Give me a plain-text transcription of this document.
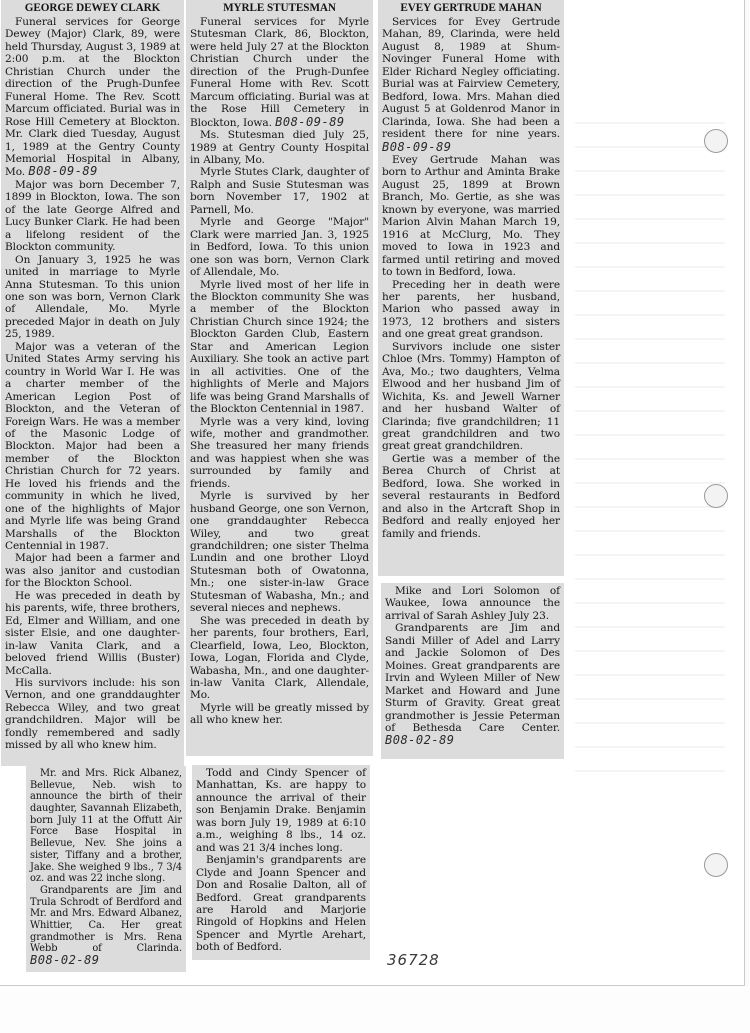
GEORGE DEWEY CLARK

Funeral services for George Dewey (Major) Clark, 89, were held Thursday, August 3, 1989 at 2:00 p.m. at the Blockton Christian Church under the direction of the Prugh-Dunfee Funeral Home. The Rev. Scott Marcum officiated. Burial was in Rose Hill Cemetery at Blockton. Mr. Clark died Tuesday, August 1, 1989 at the Gentry County Memorial Hospital in Albany, Mo. B08-09-89

Major was born December 7, 1899 in Blockton, Iowa. The son of the late George Alfred and Lucy Bunker Clark. He had been a lifelong resident of the Blockton community.

On January 3, 1925 he was united in marriage to Myrle Anna Stutesman. To this union one son was born, Vernon Clark of Allendale, Mo. Myrle preceded Major in death on July 25, 1989.

Major was a veteran of the United States Army serving his country in World War I. He was a charter member of the American Legion Post of Blockton, and the Veteran of Foreign Wars. He was a member of the Masonic Lodge of Blockton. Major had been a member of the Blockton Christian Church for 72 years. He loved his friends and the community in which he lived, one of the highlights of Major and Myrle life was being Grand Marshalls of the Blockton Centennial in 1987.

Major had been a farmer and was also janitor and custodian for the Blockton School.

He was preceded in death by his parents, wife, three brothers, Ed, Elmer and William, and one sister Elsie, and one daughter-in-law Vanita Clark, and a beloved friend Willis (Buster) McCalla.

His survivors include: his son Vernon, and one granddaughter Rebecca Wiley, and two great grandchildren. Major will be fondly remembered and sadly missed by all who knew him.

MYRLE STUTESMAN

Funeral services for Myrle Stutesman Clark, 86, Blockton, were held July 27 at the Blockton Christian Church under the direction of the Prugh-Dunfee Funeral Home with Rev. Scott Marcum officiating. Burial was at the Rose Hill Cemetery in Blockton, Iowa. B08-09-89

Ms. Stutesman died July 25, 1989 at Gentry County Hospital in Albany, Mo.

Myrle Stutes Clark, daughter of Ralph and Susie Stutesman was born November 17, 1902 at Parnell, Mo.

Myrle and George "Major" Clark were married Jan. 3, 1925 in Bedford, Iowa. To this union one son was born, Vernon Clark of Allendale, Mo.

Myrle lived most of her life in the Blockton community She was a member of the Blockton Christian Church since 1924; the Blockton Garden Club, Eastern Star and American Legion Auxiliary. She took an active part in all activities. One of the highlights of Merle and Majors life was being Grand Marshalls of the Blockton Centennial in 1987.

Myrle was a very kind, loving wife, mother and grandmother. She treasured her many friends and was happiest when she was surrounded by family and friends.

Myrle is survived by her husband George, one son Vernon, one granddaughter Rebecca Wiley, and two great grandchildren; one sister Thelma Lundin and one brother Lloyd Stutesman both of Owatonna, Mn.; one sister-in-law Grace Stutesman of Wabasha, Mn.; and several nieces and nephews.

She was preceded in death by her parents, four brothers, Earl, Clearfield, Iowa, Leo, Blockton, Iowa, Logan, Florida and Clyde, Wabasha, Mn., and one daughter-in-law Vanita Clark, Allendale, Mo.

Myrle will be greatly missed by all who knew her.

EVEY GERTRUDE MAHAN

Services for Evey Gertrude Mahan, 89, Clarinda, were held August 8, 1989 at Shum-Novinger Funeral Home with Elder Richard Negley officiating. Burial was at Fairview Cemetery, Bedford, Iowa. Mrs. Mahan died August 5 at Goldenrod Manor in Clarinda, Iowa. She had been a resident there for nine years. B08-09-89

Evey Gertrude Mahan was born to Arthur and Aminta Brake August 25, 1899 at Brown Branch, Mo. Gertie, as she was known by everyone, was married Marion Alvin Mahan March 19, 1916 at McClurg, Mo. They moved to Iowa in 1923 and farmed until retiring and moved to town in Bedford, Iowa.

Preceding her in death were her parents, her husband, Marion who passed away in 1973, 12 brothers and sisters and one great great grandson.

Survivors include one sister Chloe (Mrs. Tommy) Hampton of Ava, Mo.; two daughters, Velma Elwood and her husband Jim of Wichita, Ks. and Jewell Warner and her husband Walter of Clarinda; five grandchildren; 11 great grandchildren and two great great grandchildren.

Gertie was a member of the Berea Church of Christ at Bedford, Iowa. She worked in several restaurants in Bedford and also in the Artcraft Shop in Bedford and really enjoyed her family and friends.

Mike and Lori Solomon of Waukee, Iowa announce the arrival of Sarah Ashley July 23.

Grandparents are Jim and Sandi Miller of Adel and Larry and Jackie Solomon of Des Moines. Great grandparents are Irvin and Wyleen Miller of New Market and Howard and June Sturm of Gravity. Great great grandmother is Jessie Peterman of Bethesda Care Center. B08-02-89

Mr. and Mrs. Rick Albanez, Bellevue, Neb. wish to announce the birth of their daughter, Savannah Elizabeth, born July 11 at the Offutt Air Force Base Hospital in Bellevue, Nev. She joins a sister, Tiffany and a brother, Jake. She weighed 9 lbs., 7 3/4 oz. and was 22 inche slong.

Grandparents are Jim and Trula Schrodt of Berdford and Mr. and Mrs. Edward Albanez, Whittier, Ca. Her great grandmother is Mrs. Rena Webb of Clarinda. B08-02-89

Todd and Cindy Spencer of Manhattan, Ks. are happy to announce the arrival of their son Benjamin Drake. Benjamin was born July 19, 1989 at 6:10 a.m., weighing 8 lbs., 14 oz. and was 21 3/4 inches long.

Benjamin's grandparents are Clyde and Joann Spencer and Don and Rosalie Dalton, all of Bedford. Great grandparents are Harold and Marjorie Ringold of Hopkins and Helen Spencer and Myrtle Arehart, both of Bedford.

36728
